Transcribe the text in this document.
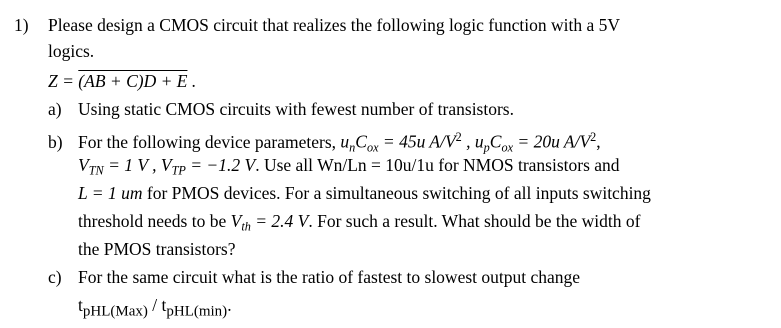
1) Please design a CMOS circuit that realizes the following logic function with a 5V
logics.
Z = (AB + C)D + E .
a) Using static CMOS circuits with fewest number of transistors.
b) For the following device parameters, $u_nC_{ox} = 45u$ $A/V^2$ , $u_pC_{ox} = 20u$ $A/V^2$,
$V_{TN} = 1$ V , $V_{TP} = -1.2$ V. Use all Wn/Ln = 10u/1u for NMOS transistors and
L = 1 um for PMOS devices. For a simultaneous switching of all inputs switching
threshold needs to be $V_{th} = 2.4$ V. For such a result. What should be the width of
the PMOS transistors?
c) For the same circuit what is the ratio of fastest to slowest output change
tpHL(Max) / tpHL(min).
